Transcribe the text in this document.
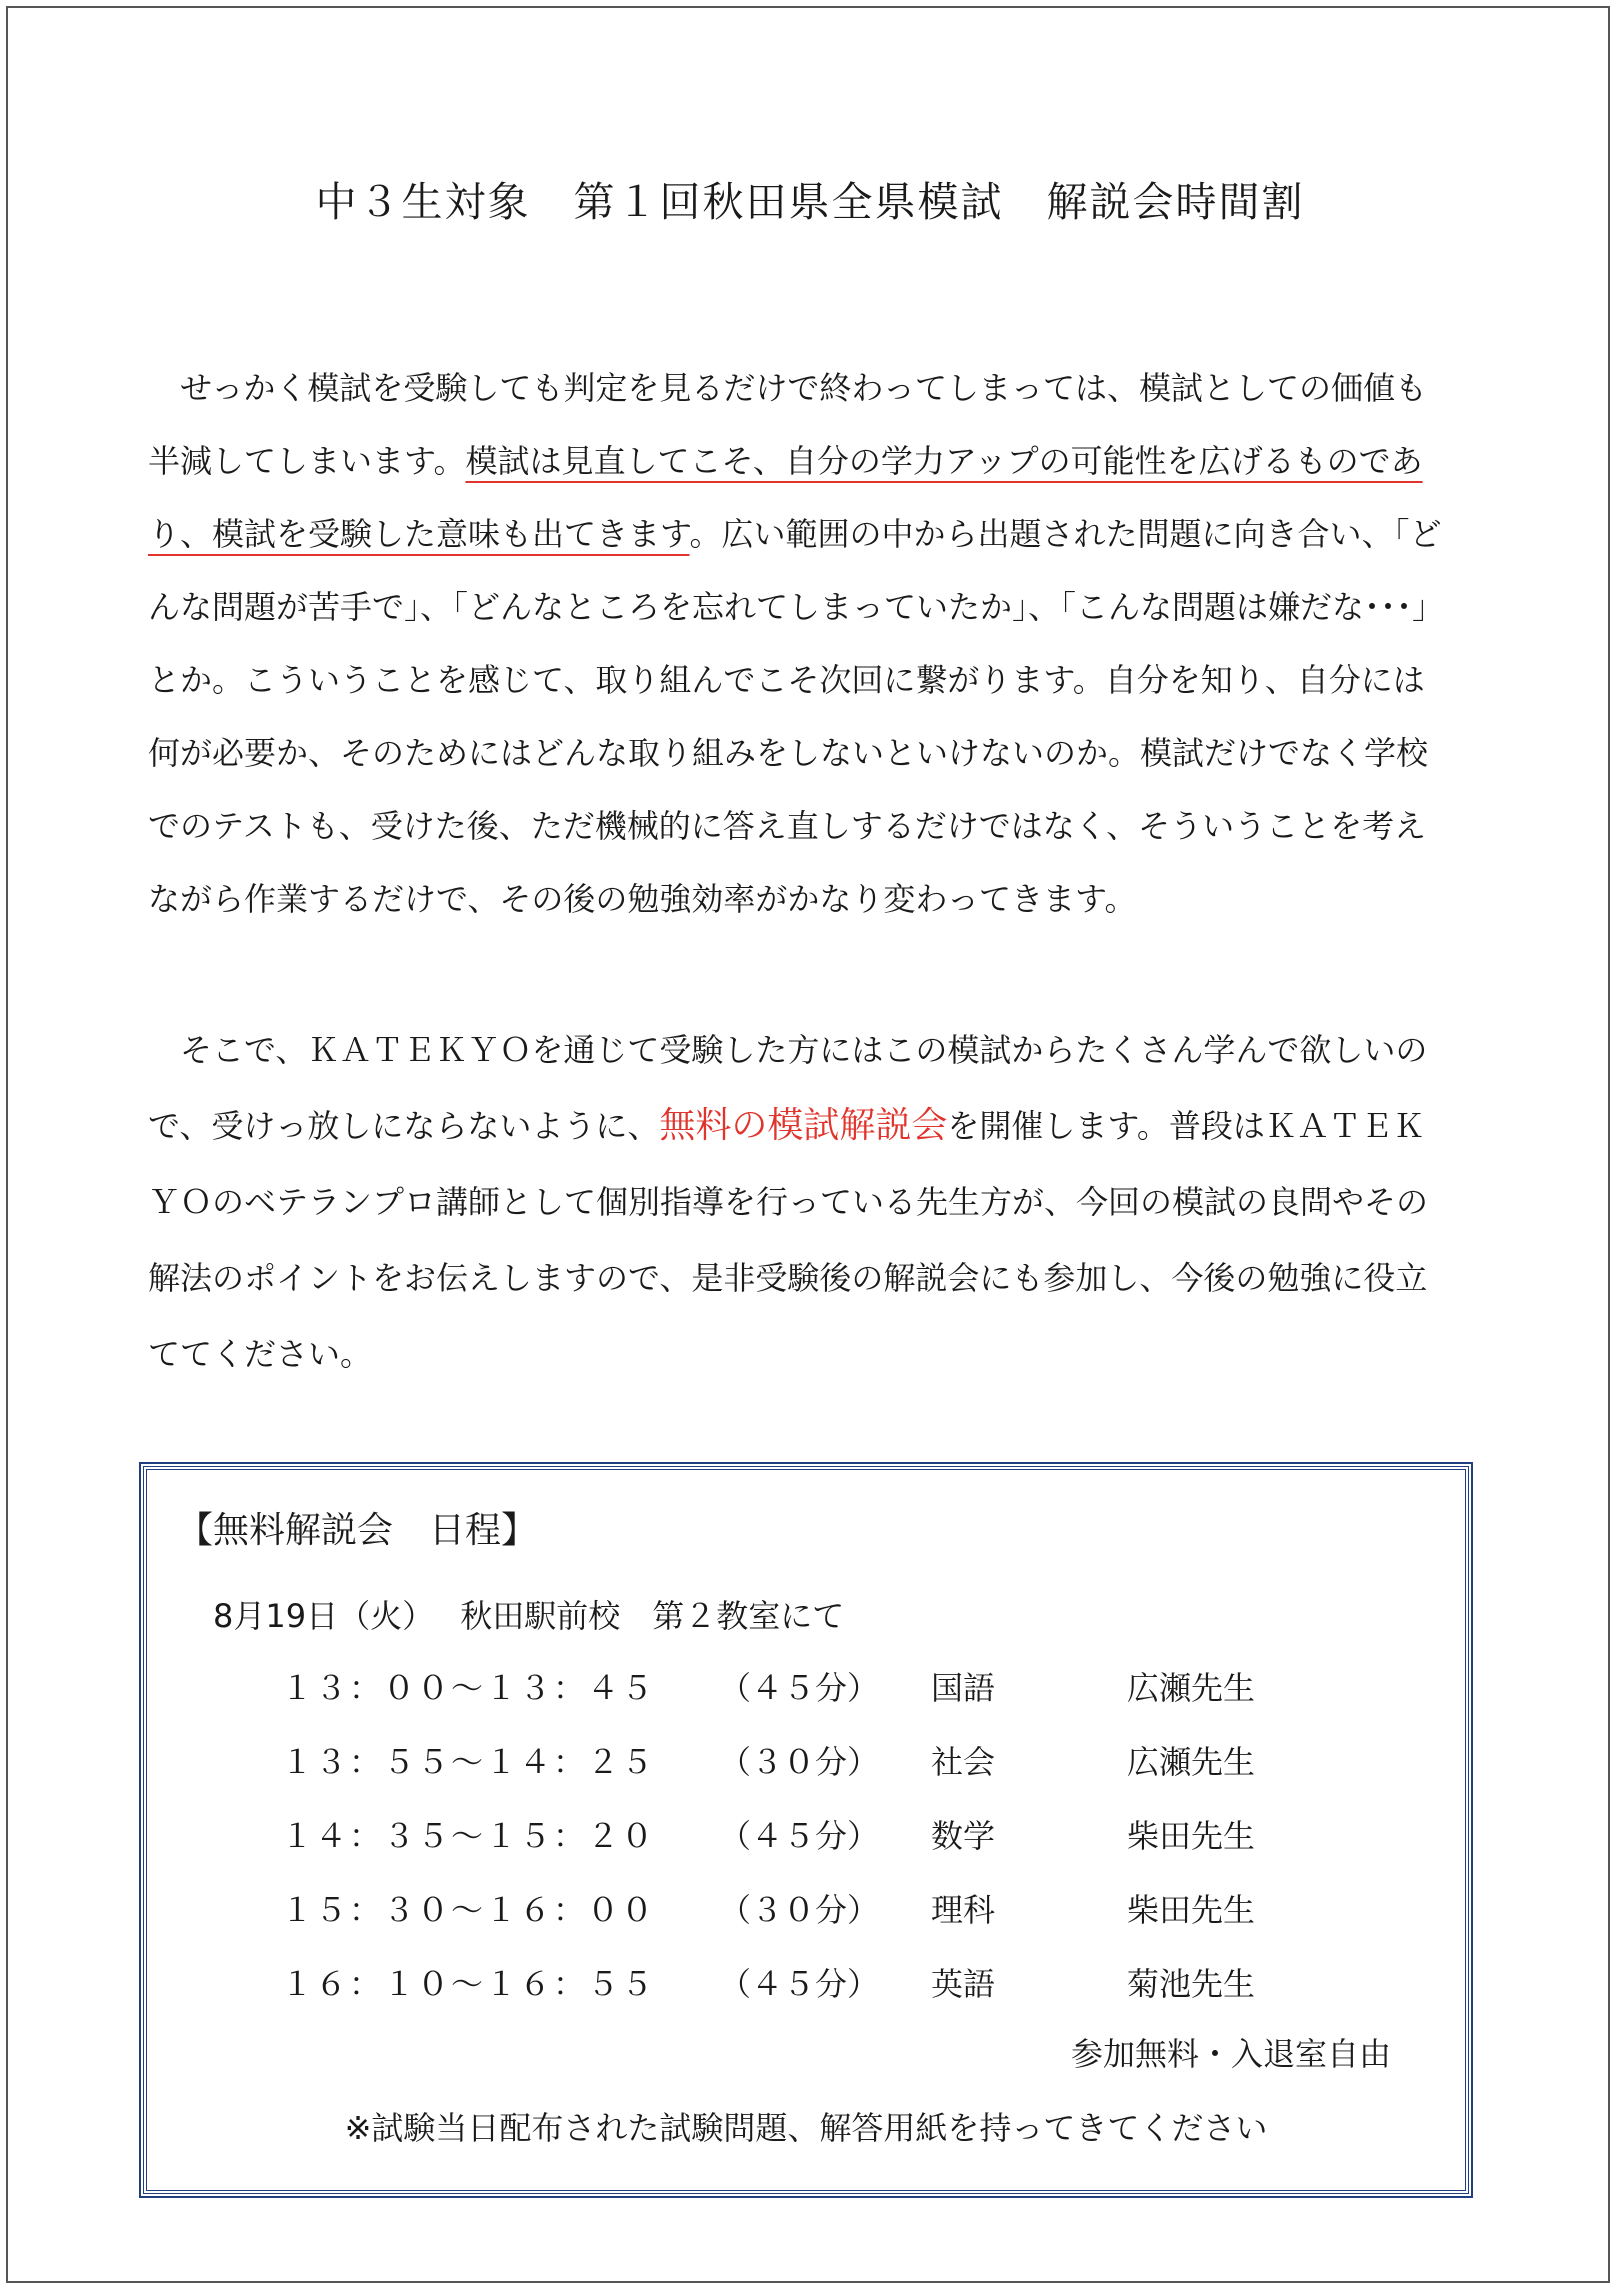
中３生対象　第１回秋田県全県模試　解説会時間割
　せっかく模試を受験しても判定を見るだけで終わってしまっては、模試としての価値も
半減してしまいます。模試は見直してこそ、自分の学力アップの可能性を広げるものであ
り、模試を受験した意味も出てきます。広い範囲の中から出題された問題に向き合い、「ど
んな問題が苦手で」、「どんなところを忘れてしまっていたか」、「こんな問題は嫌だな･･･」
とか。こういうことを感じて、取り組んでこそ次回に繋がります。自分を知り、自分には
何が必要か、そのためにはどんな取り組みをしないといけないのか。模試だけでなく学校
でのテストも、受けた後、ただ機械的に答え直しするだけではなく、そういうことを考え
ながら作業するだけで、その後の勉強効率がかなり変わってきます。
　そこで、ＫＡＴＥＫＹＯを通じて受験した方にはこの模試からたくさん学んで欲しいの
で、受けっ放しにならないように、無料の模試解説会を開催します。普段はＫＡＴＥＫ
ＹＯのベテランプロ講師として個別指導を行っている先生方が、今回の模試の良問やその
解法のポイントをお伝えしますので、是非受験後の解説会にも参加し、今後の勉強に役立
ててください。
【無料解説会　日程】
8月19日（火）　 秋田駅前校　第２教室にて
１３：００～１３：４５ （４５分） 国語	広瀬先生
１３：５５～１４：２５ （３０分） 社会	広瀬先生
１４：３５～１５：２０ （４５分） 数学	柴田先生
１５：３０～１６：００ （３０分） 理科	柴田先生
１６：１０～１６：５５ （４５分） 英語	菊池先生
参加無料・入退室自由
※試験当日配布された試験問題、解答用紙を持ってきてください
